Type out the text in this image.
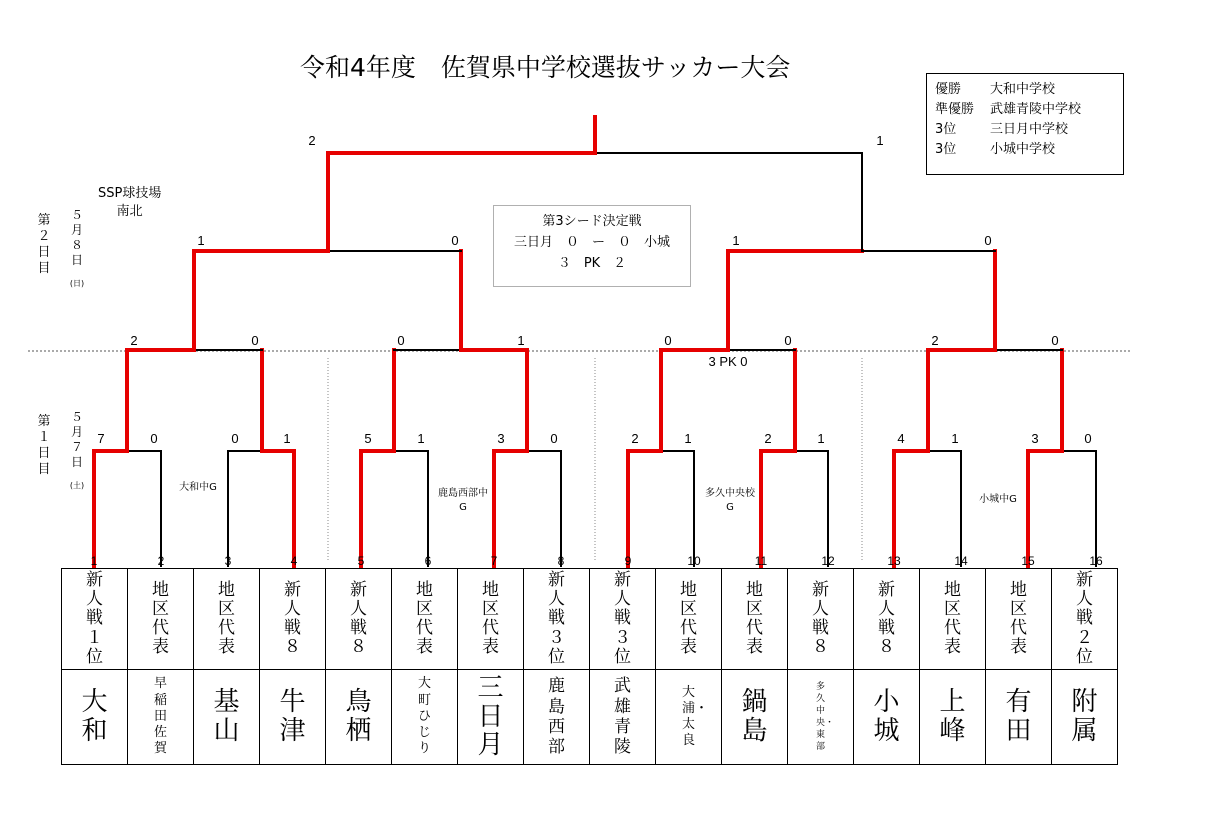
令和4年度　佐賀県中学校選抜サッカー大会
優勝 大和中学校
準優勝 武雄青陵中学校
3位	三日月中学校
3位	小城中学校
第3シード決定戦
三日月　０　ー　０　小城
３　PK　２
第２日目
５月８日
(日)
第１日目
５月７日
(土)
SSP球技場
南北
大和中G
鹿島西部中
G
多久中央校
G
小城中G
2	1
1	0	1	0
2	0	0	1	0	0	2	0
7	0	0	1	5	1	3	0	2	1	2	1	4	1	3	0
3 PK 0
1	2	3	4	5	6	7	8	9	10	11	12	13	14	15	16
新人戦１位	地区代表	地区代表	新人戦８	新人戦８	地区代表	地区代表	新人戦３位	新人戦３位	地区代表	地区代表	新人戦８	新人戦８	地区代表	地区代表	新人戦２位
大和	早稲田佐賀	基山	牛津	鳥栖	大町ひじり	三日月	鹿島西部	武雄青陵	大浦・太良	鍋島	多久中央・東部	小城	上峰	有田	附属
